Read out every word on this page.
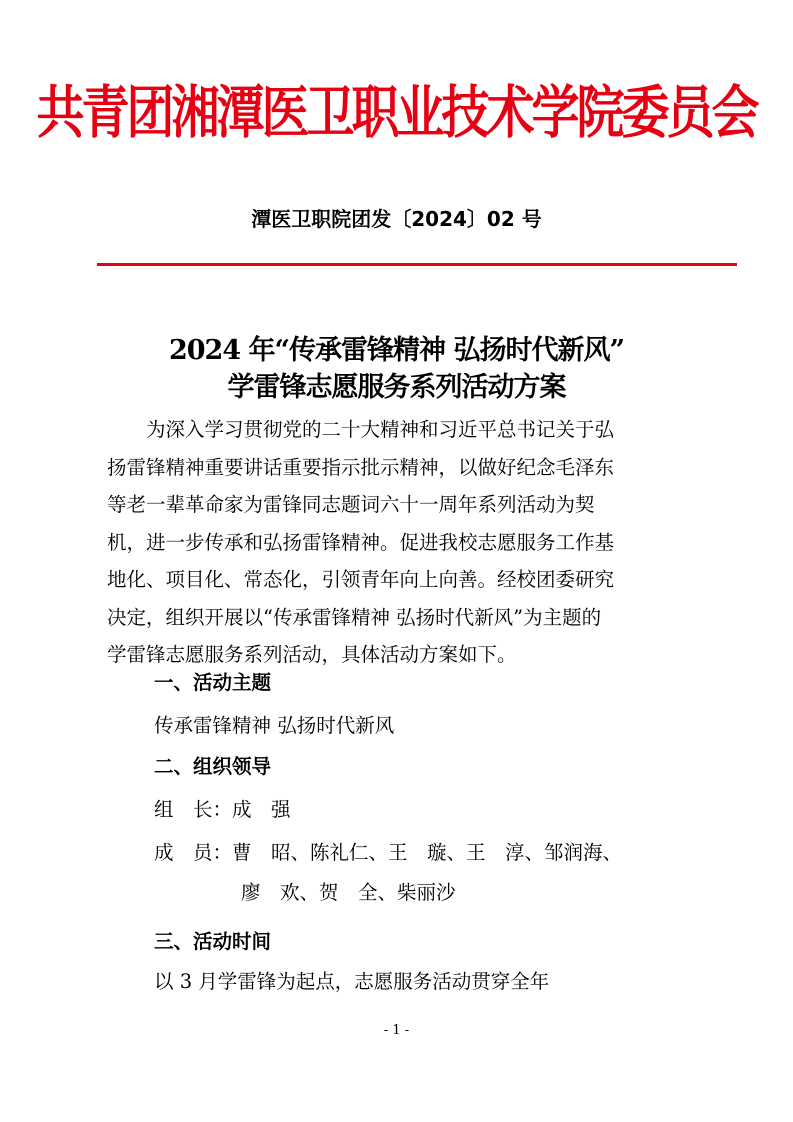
共青团湘潭医卫职业技术学院委员会
潭医卫职院团发〔2024〕02 号
2024 年“传承雷锋精神 弘扬时代新风”
学雷锋志愿服务系列活动方案
　　为深入学习贯彻党的二十大精神和习近平总书记关于弘
扬雷锋精神重要讲话重要指示批示精神，以做好纪念毛泽东
等老一辈革命家为雷锋同志题词六十一周年系列活动为契
机，进一步传承和弘扬雷锋精神。促进我校志愿服务工作基
地化、项目化、常态化，引领青年向上向善。经校团委研究
决定，组织开展以“传承雷锋精神 弘扬时代新风”为主题的
学雷锋志愿服务系列活动，具体活动方案如下。
一、活动主题
传承雷锋精神 弘扬时代新风
二、组织领导
组　长：成　强
成　员：曹　昭、陈礼仁、王　璇、王　淳、邹润海、
廖　欢、贺　全、柴丽沙
三、活动时间
以 3 月学雷锋为起点，志愿服务活动贯穿全年
- 1 -
